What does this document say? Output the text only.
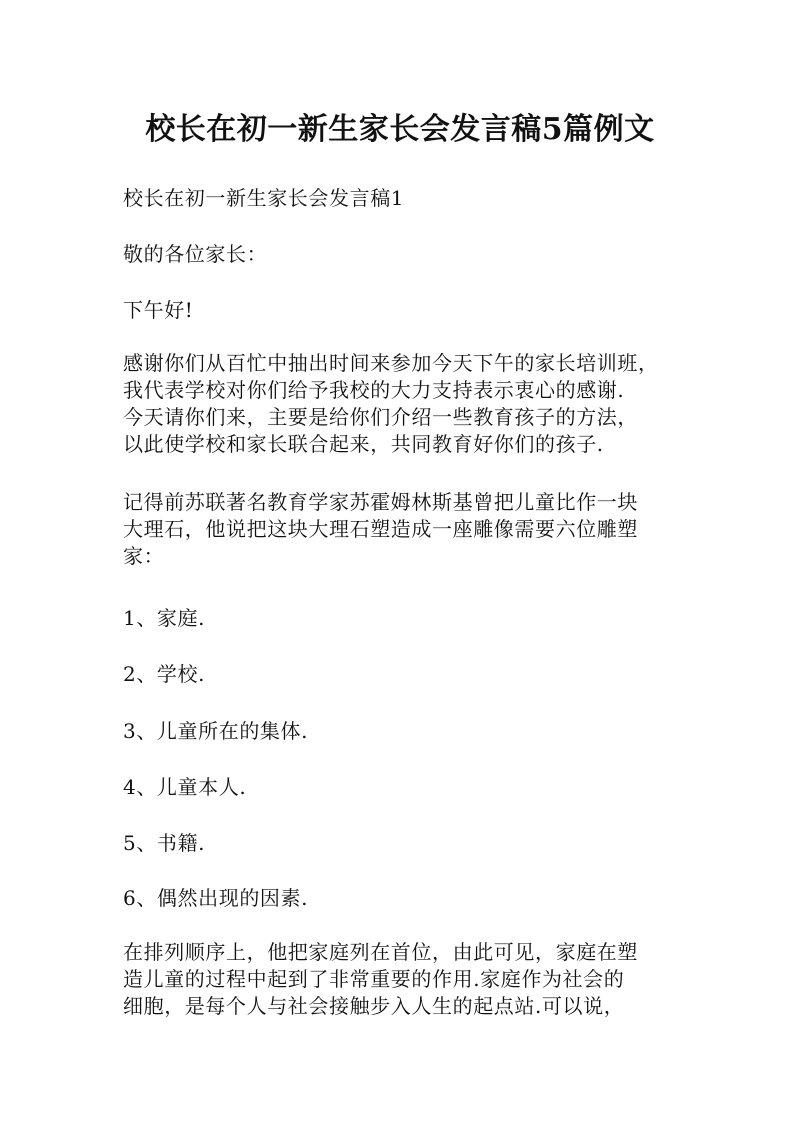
校长在初一新生家长会发言稿5篇例文

校长在初一新生家长会发言稿1

敬的各位家长：

下午好!

感谢你们从百忙中抽出时间来参加今天下午的家长培训班，
我代表学校对你们给予我校的大力支持表示衷心的感谢.
今天请你们来，主要是给你们介绍一些教育孩子的方法，
以此使学校和家长联合起来，共同教育好你们的孩子.
记得前苏联著名教育学家苏霍姆林斯基曾把儿童比作一块
大理石，他说把这块大理石塑造成一座雕像需要六位雕塑
家：

1、家庭.

2、学校.

3、儿童所在的集体.

4、儿童本人.

5、书籍.

6、偶然出现的因素.

在排列顺序上，他把家庭列在首位，由此可见，家庭在塑
造儿童的过程中起到了非常重要的作用.家庭作为社会的
细胞，是每个人与社会接触步入人生的起点站.可以说，
